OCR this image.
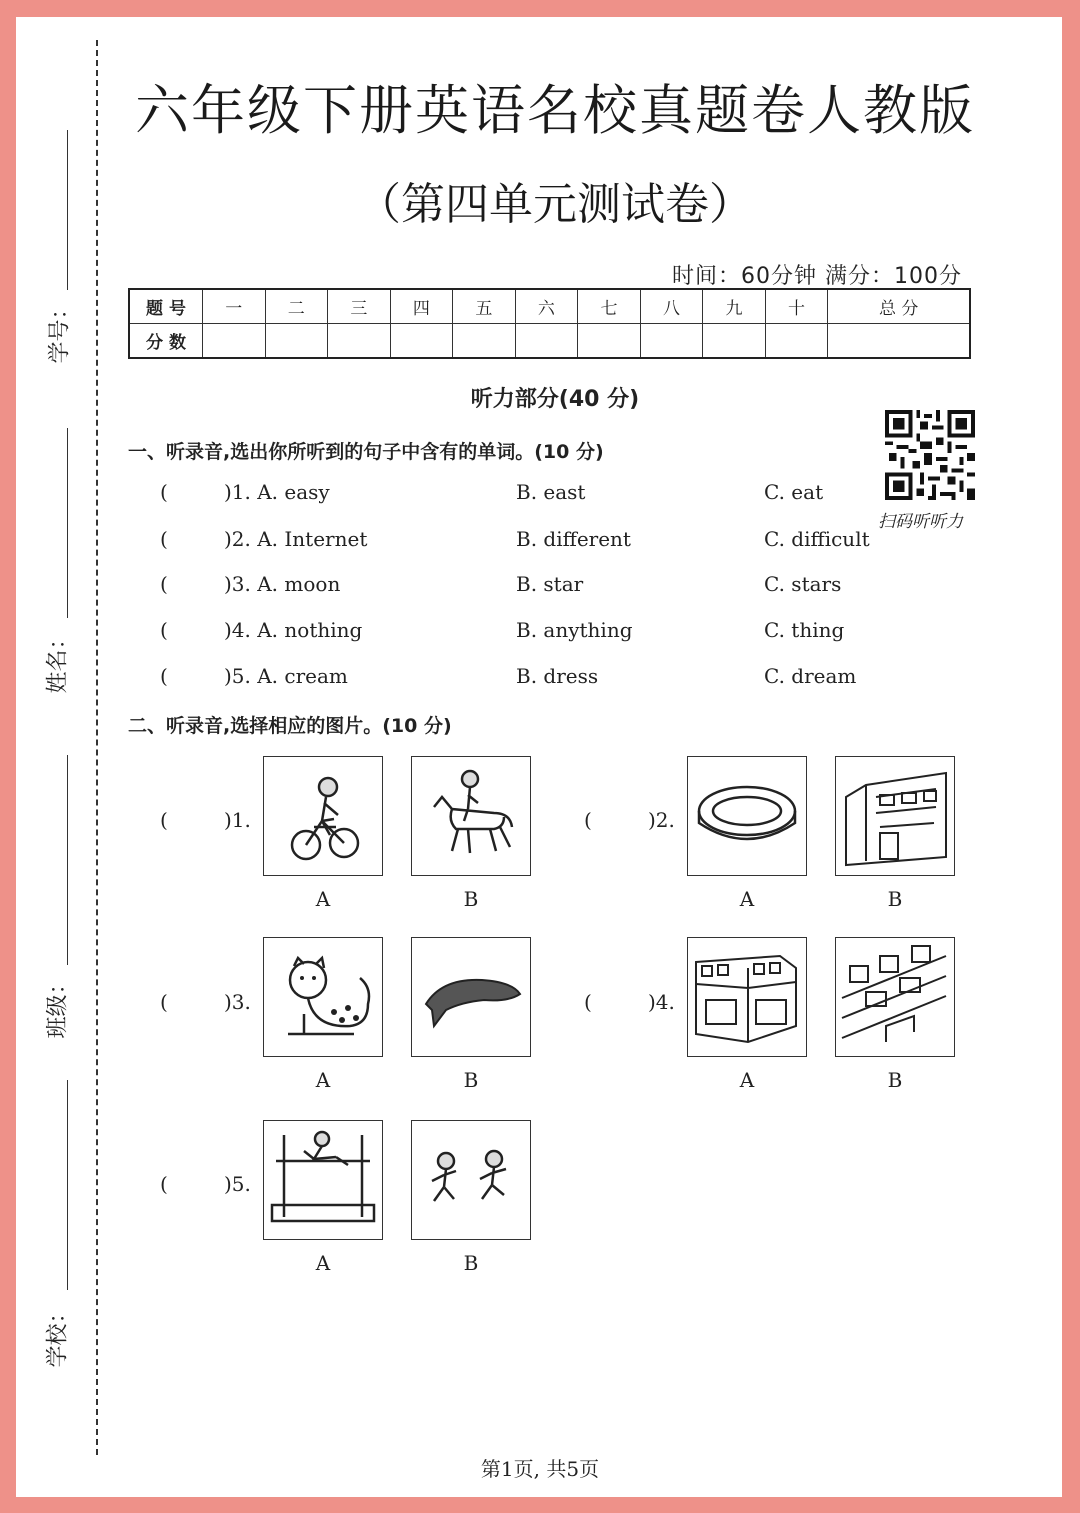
学号：
姓名：
班级：
学校：
六年级下册英语名校真题卷人教版
（第四单元测试卷）
时间：60分钟 满分：100分
题 号	一	二	三	四	五	六	七	八	九	十	总 分
分 数											
听力部分(40 分)
扫码听听力
一、听录音,选出你所听到的句子中含有的单词。(10 分)
(	)1. A. easy	B. east	C. eat
(	)2. A. Internet	B. different	C. difficult
(	)3. A. moon	B. star	C. stars
(	)4. A. nothing	B. anything	C. thing
(	)5. A. cream	B. dress	C. dream
二、听录音,选择相应的图片。(10 分)
(	)1.
A	B
(	)2.
A	B
(	)3.
A	B
(	)4.
A	B
(	)5.
A	B
第1页, 共5页
